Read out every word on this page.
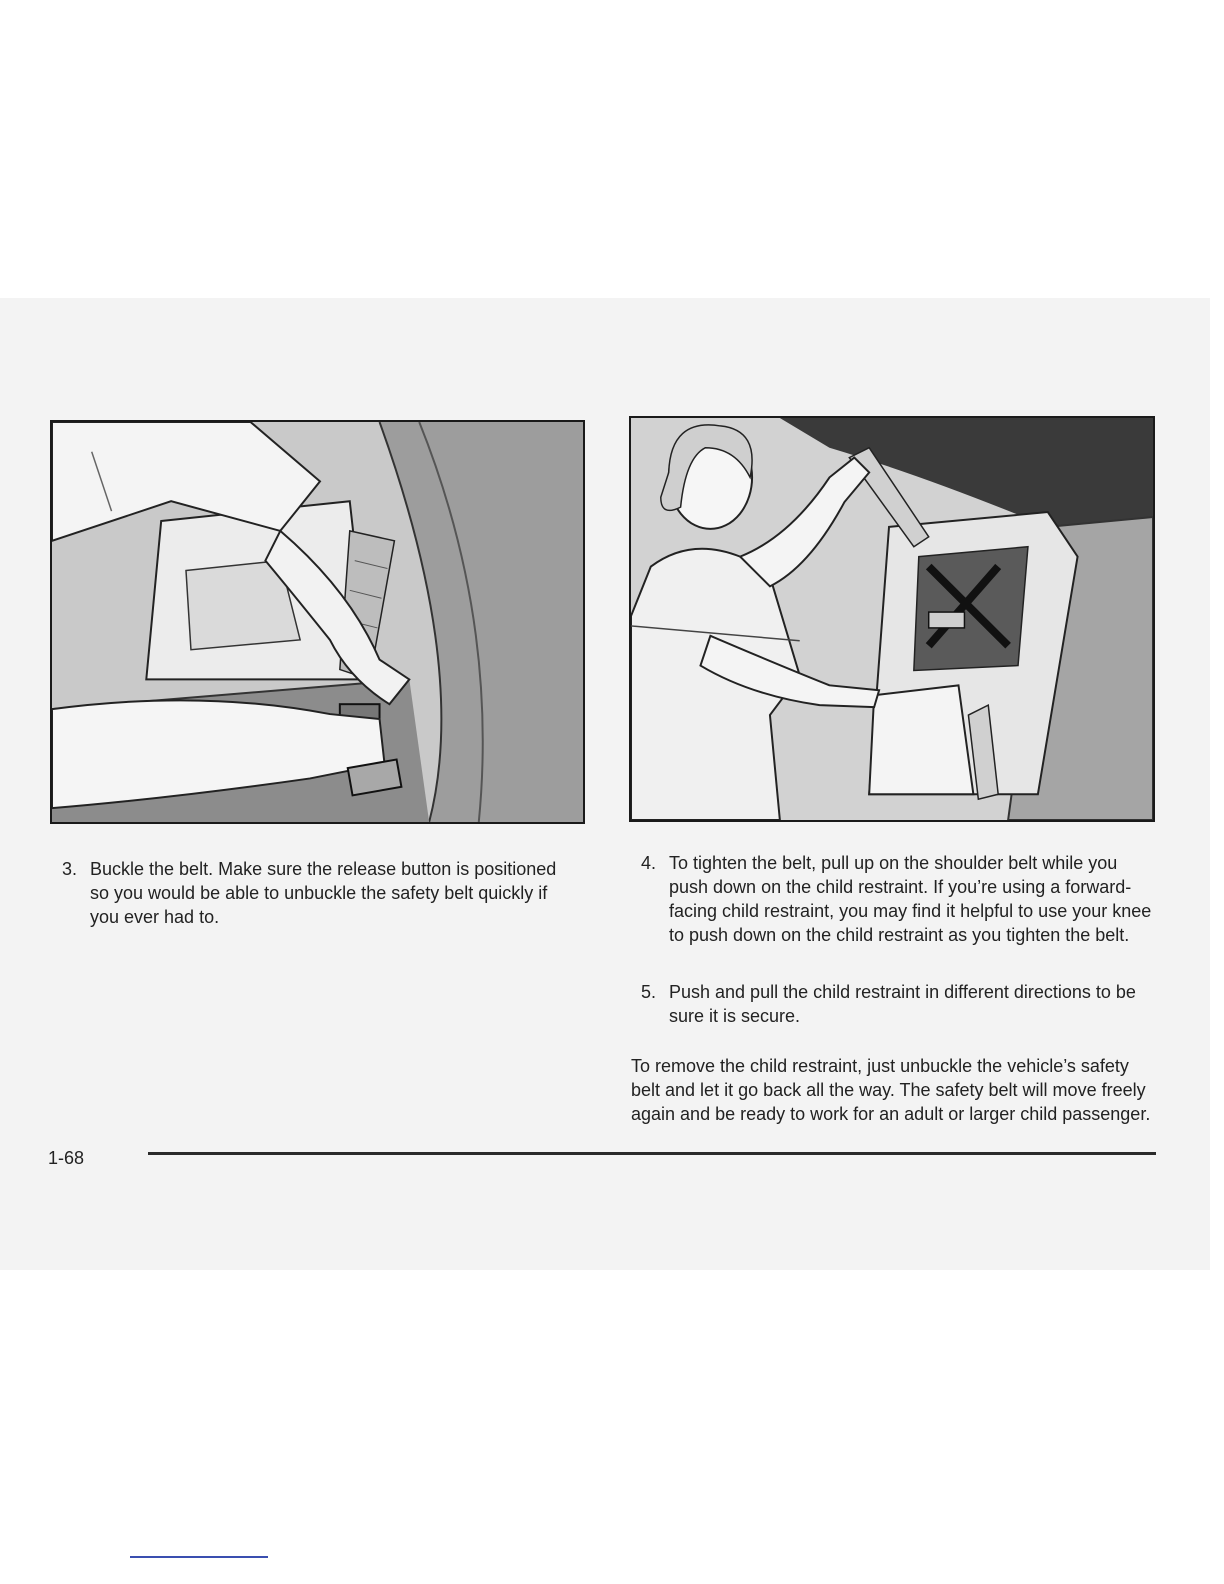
3. Buckle the belt. Make sure the release button is positioned so you would be able to unbuckle the safety belt quickly if you ever had to.
4. To tighten the belt, pull up on the shoulder belt while you push down on the child restraint. If you’re using a forward-facing child restraint, you may find it helpful to use your knee to push down on the child restraint as you tighten the belt.
5. Push and pull the child restraint in different directions to be sure it is secure.

To remove the child restraint, just unbuckle the vehicle’s safety belt and let it go back all the way. The safety belt will move freely again and be ready to work for an adult or larger child passenger.

1-68
